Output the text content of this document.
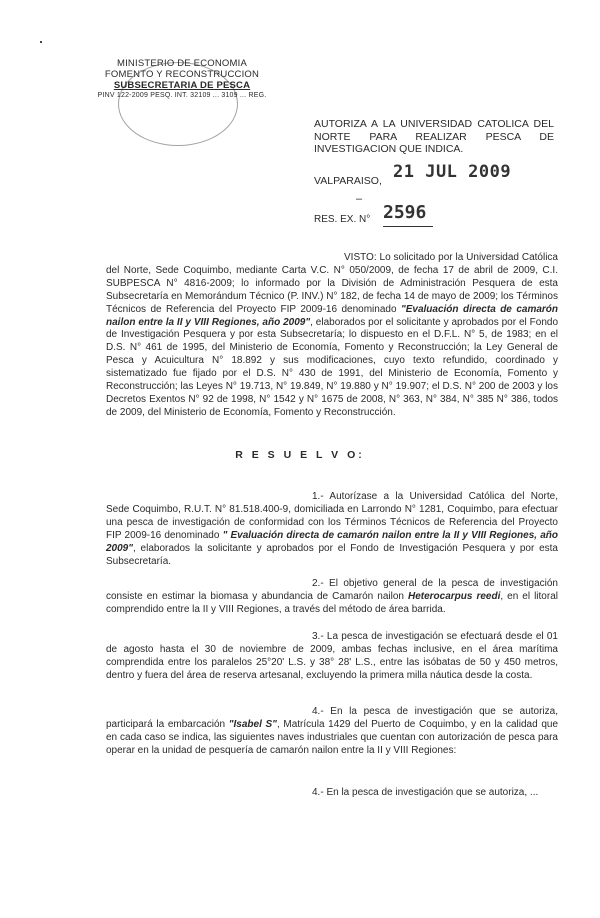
MINISTERIO DE ECONOMIA
FOMENTO Y RECONSTRUCCION
SUBSECRETARIA DE PESCA
PINV 122-2009 PESQ. INT. 32109 ... 3109 ... REG.
AUTORIZA A LA UNIVERSIDAD CATOLICA DEL NORTE PARA REALIZAR PESCA DE INVESTIGACION QUE INDICA.
VALPARAISO, 21 JUL 2009
–
RES. EX. N° 2596
VISTO: Lo solicitado por la Universidad Católica del Norte, Sede Coquimbo, mediante Carta V.C. N° 050/2009, de fecha 17 de abril de 2009, C.I. SUBPESCA N° 4816-2009; lo informado por la División de Administración Pesquera de esta Subsecretaría en Memorándum Técnico (P. INV.) N° 182, de fecha 14 de mayo de 2009; los Términos Técnicos de Referencia del Proyecto FIP 2009-16 denominado "Evaluación directa de camarón nailon entre la II y VIII Regiones, año 2009", elaborados por el solicitante y aprobados por el Fondo de Investigación Pesquera y por esta Subsecretaría; lo dispuesto en el D.F.L. N° 5, de 1983; en el D.S. N° 461 de 1995, del Ministerio de Economía, Fomento y Reconstrucción; la Ley General de Pesca y Acuicultura N° 18.892 y sus modificaciones, cuyo texto refundido, coordinado y sistematizado fue fijado por el D.S. N° 430 de 1991, del Ministerio de Economía, Fomento y Reconstrucción; las Leyes N° 19.713, N° 19.849, N° 19.880 y N° 19.907; el D.S. N° 200 de 2003 y los Decretos Exentos N° 92 de 1998, N° 1542 y N° 1675 de 2008, N° 363, N° 384, N° 385 N° 386, todos de 2009, del Ministerio de Economía, Fomento y Reconstrucción.
R E S U E L V O:
1.- Autorízase a la Universidad Católica del Norte, Sede Coquimbo, R.U.T. N° 81.518.400-9, domiciliada en Larrondo N° 1281, Coquimbo, para efectuar una pesca de investigación de conformidad con los Términos Técnicos de Referencia del Proyecto FIP 2009-16 denominado " Evaluación directa de camarón nailon entre la II y VIII Regiones, año 2009", elaborados la solicitante y aprobados por el Fondo de Investigación Pesquera y por esta Subsecretaría.
2.- El objetivo general de la pesca de investigación consiste en estimar la biomasa y abundancia de Camarón nailon Heterocarpus reedi, en el litoral comprendido entre la II y VIII Regiones, a través del método de área barrida.
3.- La pesca de investigación se efectuará desde el 01 de agosto hasta el 30 de noviembre de 2009, ambas fechas inclusive, en el área marítima comprendida entre los paralelos 25°20' L.S. y 38° 28' L.S., entre las isóbatas de 50 y 450 metros, dentro y fuera del área de reserva artesanal, excluyendo la primera milla náutica desde la costa.
4.- En la pesca de investigación que se autoriza, participará la embarcación "Isabel S", Matrícula 1429 del Puerto de Coquimbo, y en la calidad que en cada caso se indica, las siguientes naves industriales que cuentan con autorización de pesca para operar en la unidad de pesquería de camarón nailon entre la II y VIII Regiones:
4.- En la pesca de investigación que se autoriza, ...
